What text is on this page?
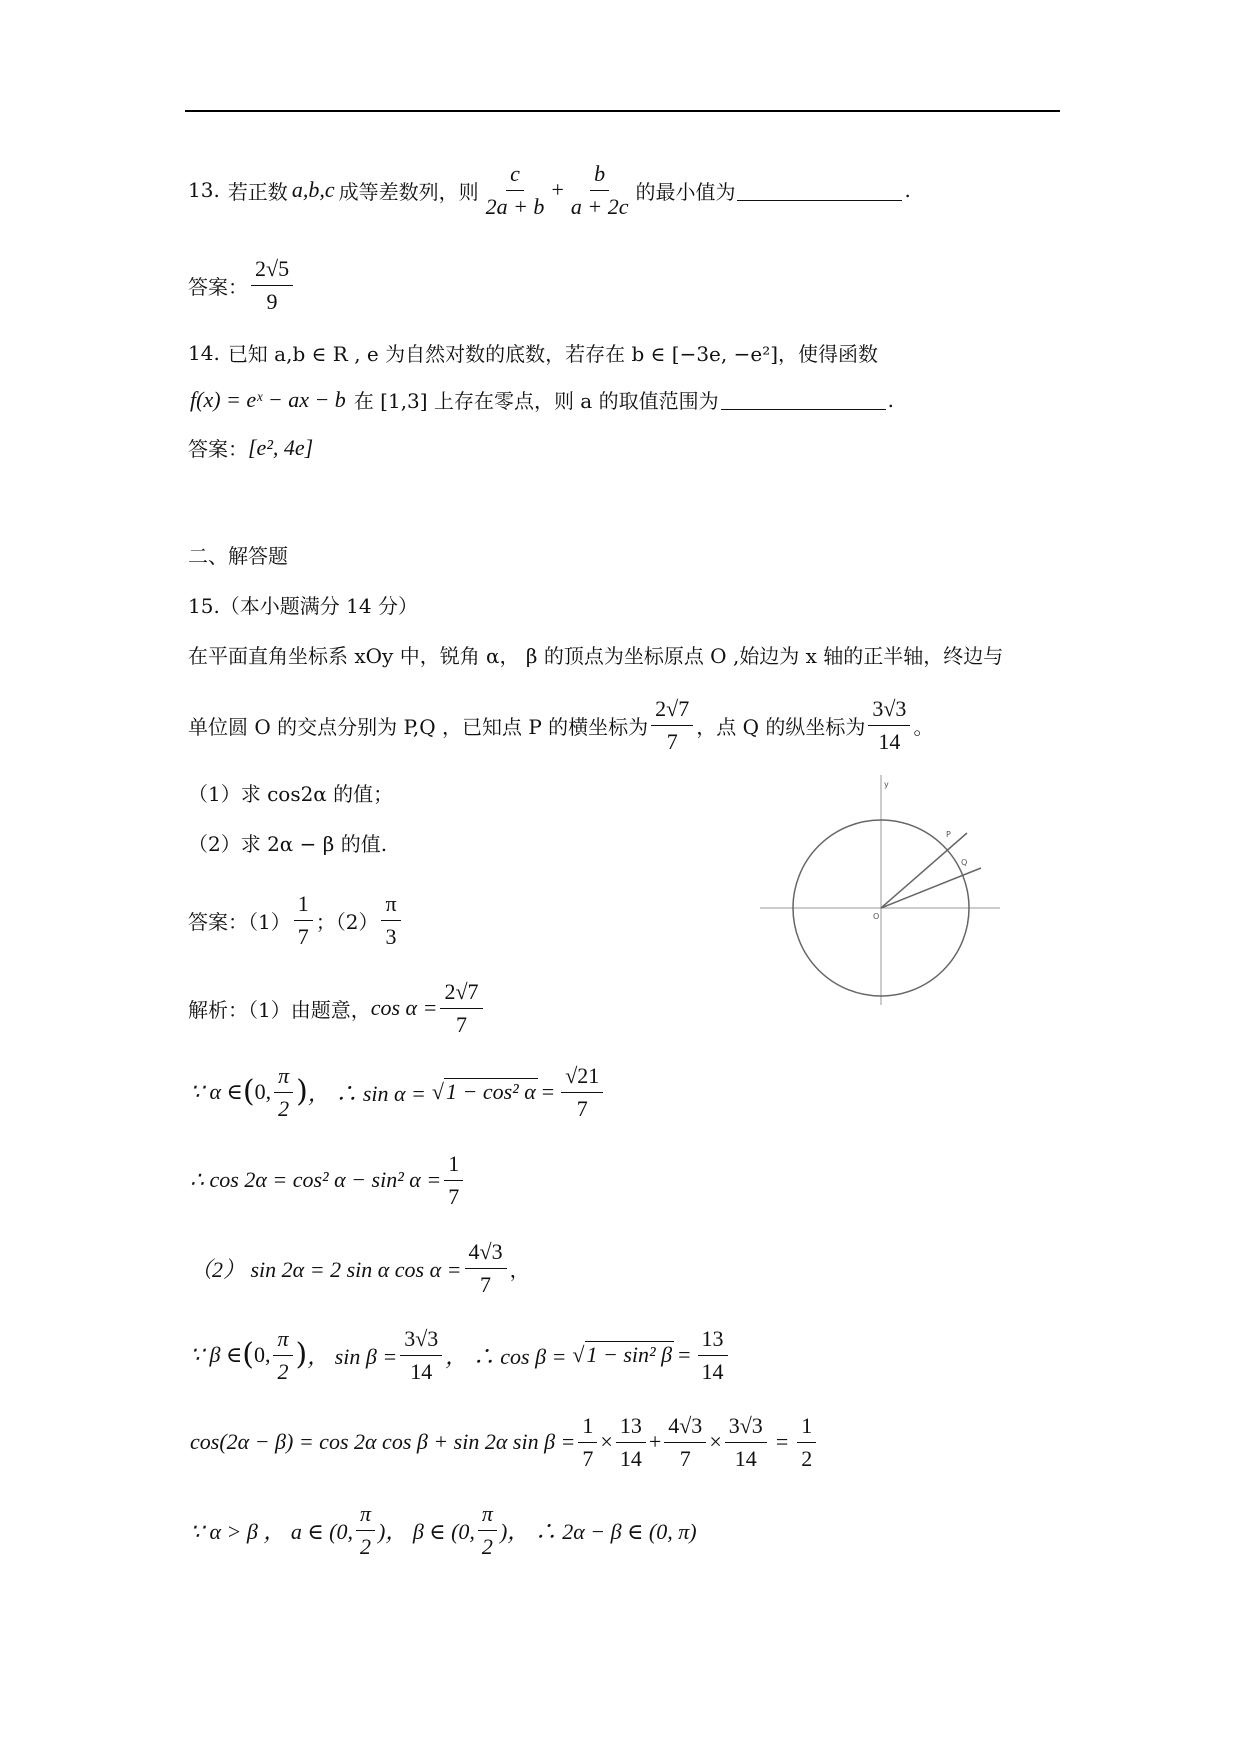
13. 若正数 a,b,c 成等差数列，则 $\frac{c}{2a + b} + \frac{b}{a + 2c}$ 的最小值为	.
答案： $\frac{2√5}{9}$
14. 已知 a,b ∈ R , e 为自然对数的底数，若存在 b ∈ [−3e, −e²]，使得函数
f(x) = eˣ − ax − b 在 [1,3] 上存在零点，则 a 的取值范围为	.
答案： [e², 4e]
二、解答题
15.（本小题满分 14 分）
在平面直角坐标系 xOy 中，锐角 α， β 的顶点为坐标原点 O ,始边为 x 轴的正半轴，终边与
单位圆 O 的交点分别为 P,Q ，已知点 P 的横坐标为 $\frac{2√7}{7}$ ，点 Q 的纵坐标为 $\frac{3√3}{14}$ 。
（1）求 cos2α 的值；
（2）求 2α − β 的值.
答案：$(1) \frac{1}{7}$ ；$(2) \frac{\pi}{3}$
y
O
P
Q
解析：（1）由题意， $\cos \alpha = \frac{2√7}{7}$
∵ α ∈ ( 0, $\frac{\pi}{2}$ ) ， ∴ sin α = √1 − cos² $\alpha = \frac{√21}{7}$
∴ cos 2α = cos² α − sin² $\alpha = \frac{1}{7}$
（2） sin 2α = 2 sin α $\cos \alpha = \frac{4√3}{7}$ ，
∵ β ∈ ( 0, $\frac{\pi}{2}$ ) ， $\sin \beta = \frac{3√3}{14}$ ， ∴ cos β = √1 − sin² $\beta = \frac{13}{14}$
cos(2α − β) = cos 2α cos β + sin 2α $\sin \beta = \frac{1}{7} \times \frac{13}{14} + \frac{4√3}{7} \times \frac{3√3}{14} = \frac{1}{2}$
∵ α > β ， a ∈ (0, $\frac{\pi}{2}$ )， β ∈ (0, $\frac{\pi}{2}$ )， ∴ 2α − β ∈ (0, π)
